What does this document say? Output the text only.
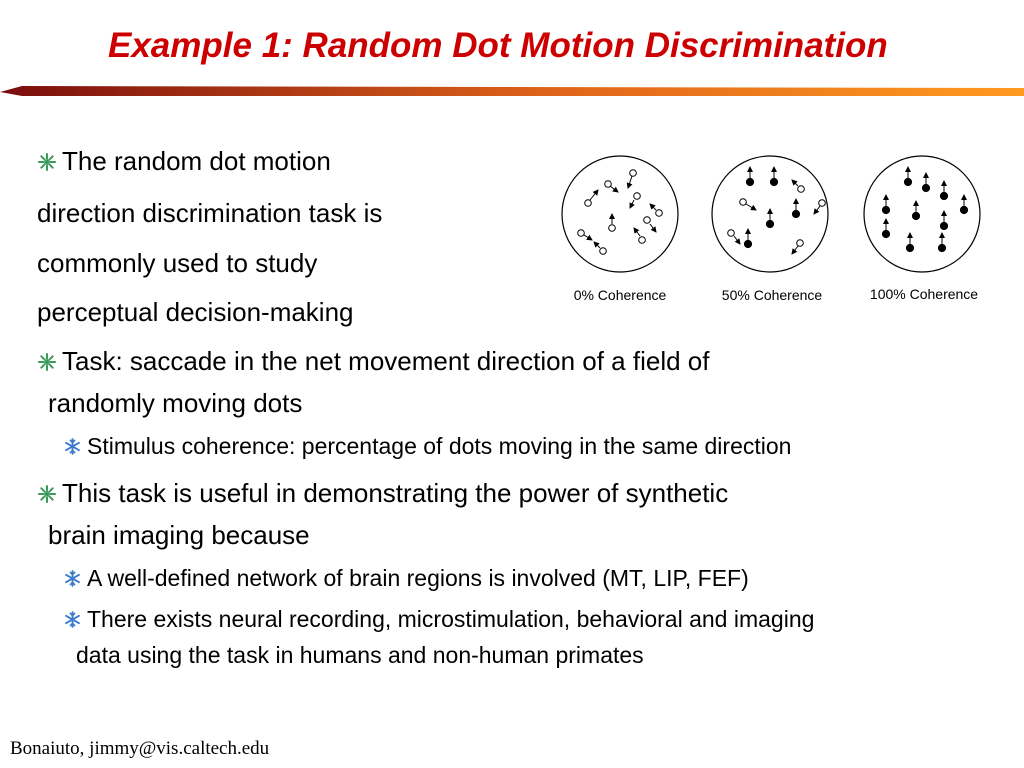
Example 1: Random Dot Motion Discrimination
The random dot motion
direction discrimination task is
commonly used to study
perceptual decision-making
Task: saccade in the net movement direction of a field of
randomly moving dots
Stimulus coherence: percentage of dots moving in the same direction
This task is useful in demonstrating the power of synthetic
brain imaging because
A well-defined network of brain regions is involved (MT, LIP, FEF)
There exists neural recording, microstimulation, behavioral and imaging
data using the task in humans and non-human primates
0% Coherence	50% Coherence	100% Coherence
Bonaiuto, jimmy@vis.caltech.edu
